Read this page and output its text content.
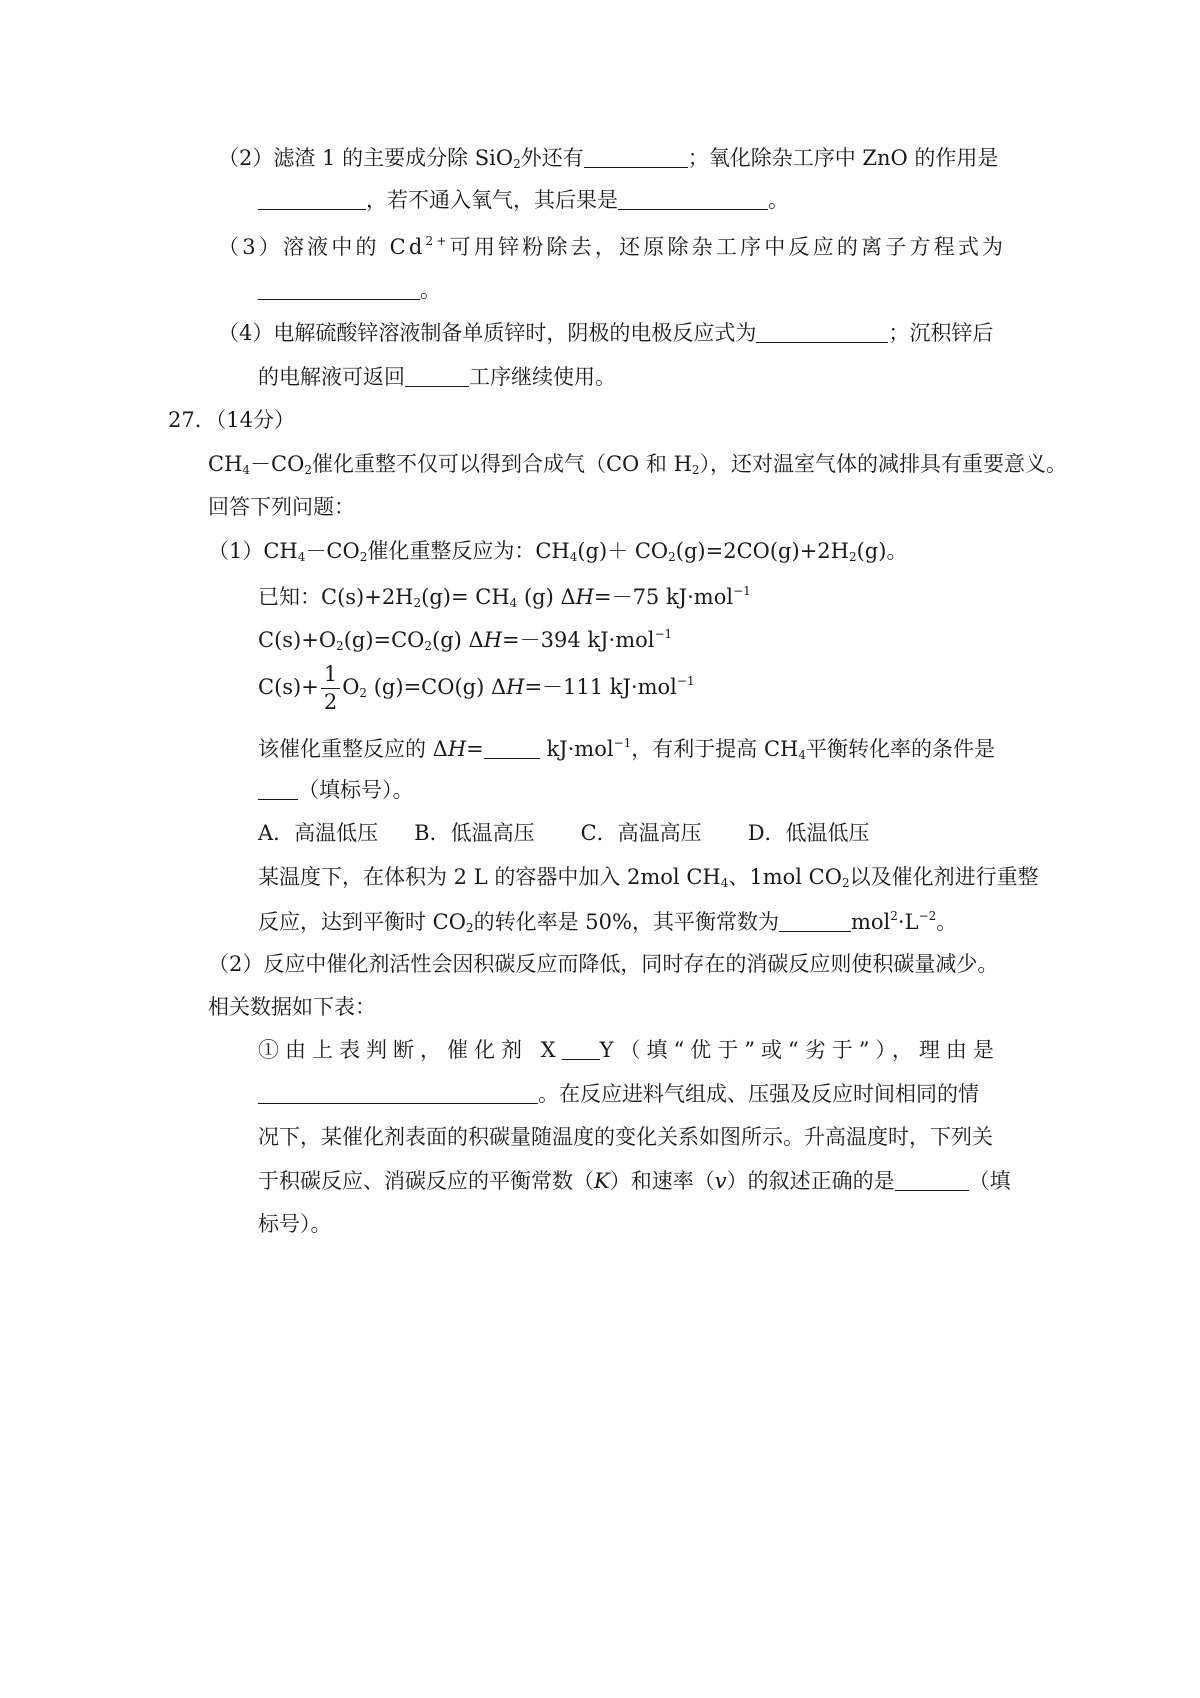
（2）滤渣 1 的主要成分除 SiO$_2$外还有	；氧化除杂工序中 ZnO 的作用是
，若不通入氧气，其后果是	。
（3）溶液中的 $Cd^{2+}$可用锌粉除去，还原除杂工序中反应的离子方程式为
。
（4）电解硫酸锌溶液制备单质锌时，阴极的电极反应式为	；沉积锌后
的电解液可返回	工序继续使用。
27．（14分）
$CH_4-CO_2$催化重整不仅可以得到合成气（CO 和 $H_2$），还对温室气体的减排具有重要意义。
回答下列问题：
$(1)CH_4-CO_2$催化重整反应为：$CH_4(g)+ CO_2(g)=2CO(g)+2H_2(g)$。
已知：$C(s)+2H_2(g)= CH_4$ (g) ΔH=－75 kJ·mol$^{-1}$
$C(s)+O_2(g)=CO_2(g)$ ΔH=－394 kJ·mol$^{-1}$
$C(s)+ \frac{1}{2} O_2$ (g)=CO(g) ΔH=－111 kJ·mol$^{-1}$
该催化重整反应的 ΔH=	kJ·mol$^{-1}$，有利于提高 $CH_4$平衡转化率的条件是
（填标号）。
A．高温低压 B．低温高压 C．高温高压 D．低温低压
某温度下，在体积为 2 L 的容器中加入 2mol $CH_4$、1mol $CO_2$以及催化剂进行重整
反应，达到平衡时 $CO_2$的转化率是 50%，其平衡常数为	$mol^2\cdot L^{-2}$。
（2）反应中催化剂活性会因积碳反应而降低，同时存在的消碳反应则使积碳量减少。
相关数据如下表：
①由上表判断，催化剂 X Y（填“优于”或“劣于”），理由是
。在反应进料气组成、压强及反应时间相同的情
况下，某催化剂表面的积碳量随温度的变化关系如图所示。升高温度时，下列关
于积碳反应、消碳反应的平衡常数（K）和速率（v）的叙述正确的是	（填
标号）。
